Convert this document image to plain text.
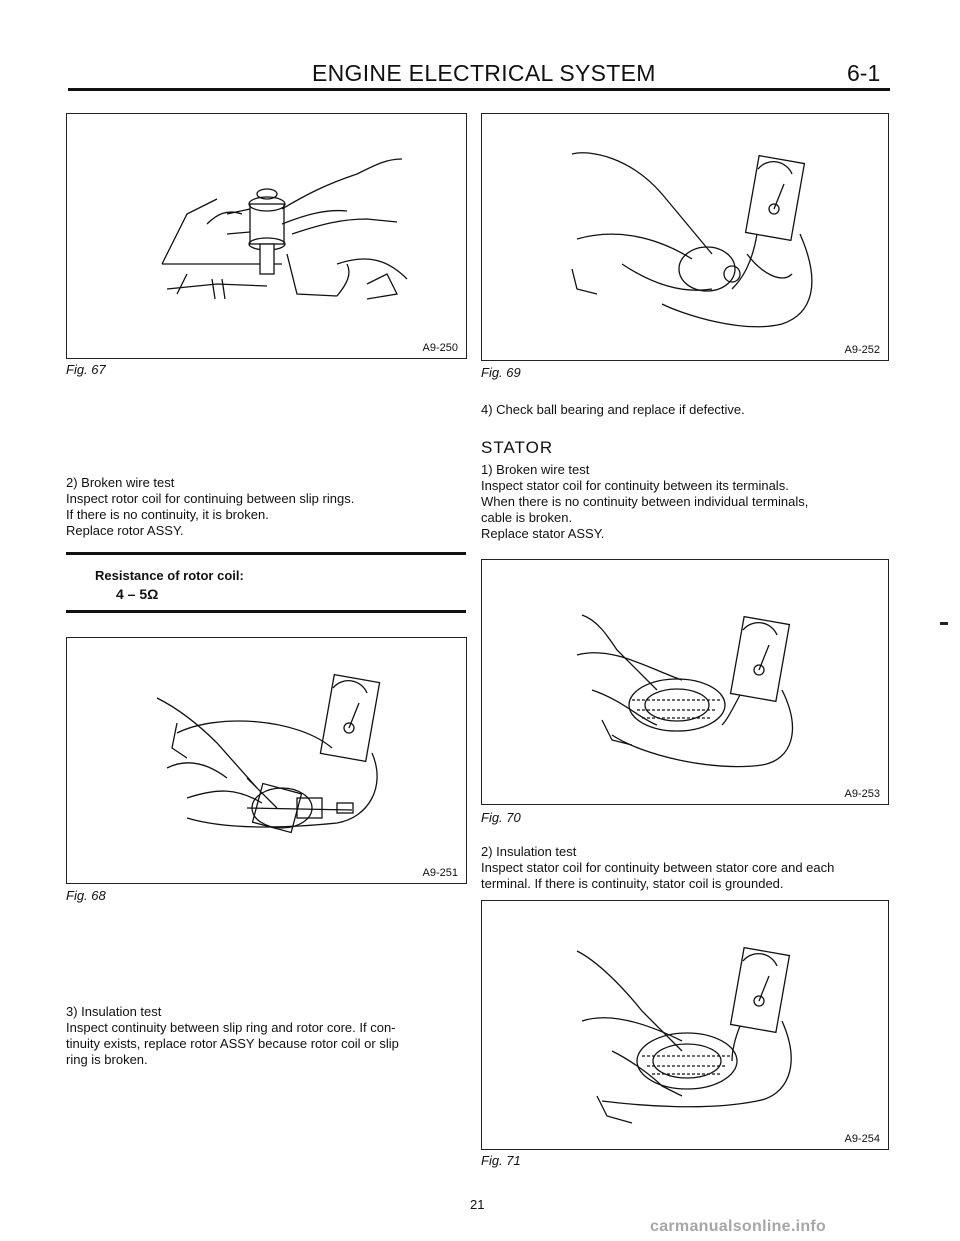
ENGINE ELECTRICAL SYSTEM	6-1
A9-250
Fig. 67

2) Broken wire test

Inspect rotor coil for continuing between slip rings.

If there is no continuity, it is broken.

Replace rotor ASSY.

Resistance of rotor coil:
4 – 5Ω
A9-251
Fig. 68

3) Insulation test

Inspect continuity between slip ring and rotor core. If con-

tinuity exists, replace rotor ASSY because rotor coil or slip

ring is broken.

A9-252
Fig. 69
4) Check ball bearing and replace if defective.
STATOR

1) Broken wire test

Inspect stator coil for continuity between its terminals.

When there is no continuity between individual terminals,

cable is broken.

Replace stator ASSY.

A9-253
Fig. 70

2) Insulation test

Inspect stator coil for continuity between stator core and each

terminal. If there is continuity, stator coil is grounded.

A9-254
Fig. 71
21
carmanualsonline.info
